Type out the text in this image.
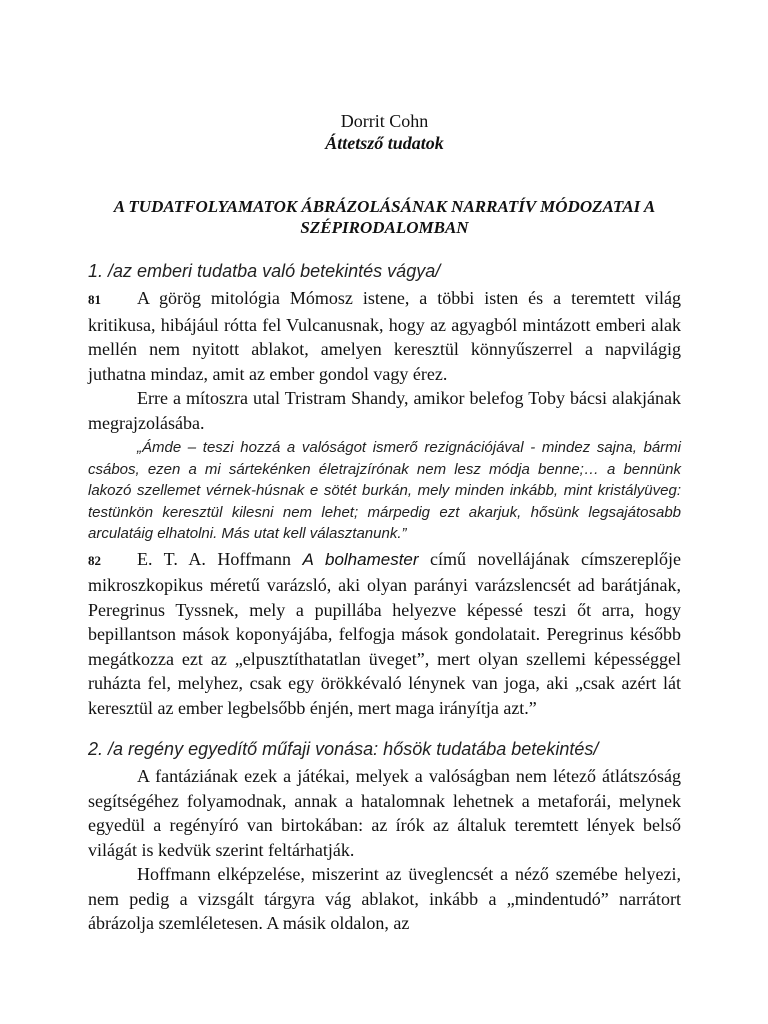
Dorrit Cohn

Áttetsző tudatok

A TUDATFOLYAMATOK ÁBRÁZOLÁSÁNAK NARRATÍV MÓDOZATAI A SZÉPIRODALOMBAN

1. /az emberi tudatba való betekintés vágya/

81 A görög mitológia Mómosz istene, a többi isten és a teremtett világ kritikusa, hibájául rótta fel Vulcanusnak, hogy az agyagból mintázott emberi alak mellén nem nyitott ablakot, amelyen keresztül könnyűszerrel a napvilágig juthatna mindaz, amit az ember gondol vagy érez.

Erre a mítoszra utal Tristram Shandy, amikor belefog Toby bácsi alakjának megrajzolásába.

„Ámde – teszi hozzá a valóságot ismerő rezignációjával - mindez sajna, bármi csábos, ezen a mi sártekénken életrajzírónak nem lesz módja benne;… a bennünk lakozó szellemet vérnek-húsnak e sötét burkán, mely minden inkább, mint kristályüveg: testünkön keresztül kilesni nem lehet; márpedig ezt akarjuk, hősünk legsajátosabb arculatáig elhatolni. Más utat kell választanunk.”

82 E. T. A. Hoffmann A bolhamester című novellájának címszereplője mikroszkopikus méretű varázsló, aki olyan parányi varázslencsét ad barátjának, Peregrinus Tyssnek, mely a pupillába helyezve képessé teszi őt arra, hogy bepillantson mások koponyájába, felfogja mások gondolatait. Peregrinus később megátkozza ezt az „elpusztíthatatlan üveget”, mert olyan szellemi képességgel ruházta fel, melyhez, csak egy örökkévaló lénynek van joga, aki „csak azért lát keresztül az ember legbelsőbb énjén, mert maga irányítja azt.”

2. /a regény egyedítő műfaji vonása: hősök tudatába betekintés/

A fantáziának ezek a játékai, melyek a valóságban nem létező átlátszóság segítségéhez folyamodnak, annak a hatalomnak lehetnek a metaforái, melynek egyedül a regényíró van birtokában: az írók az általuk teremtett lények belső világát is kedvük szerint feltárhatják.

Hoffmann elképzelése, miszerint az üveglencsét a néző szemébe helyezi, nem pedig a vizsgált tárgyra vág ablakot, inkább a „mindentudó” narrátort ábrázolja szemléletesen. A másik oldalon, az
